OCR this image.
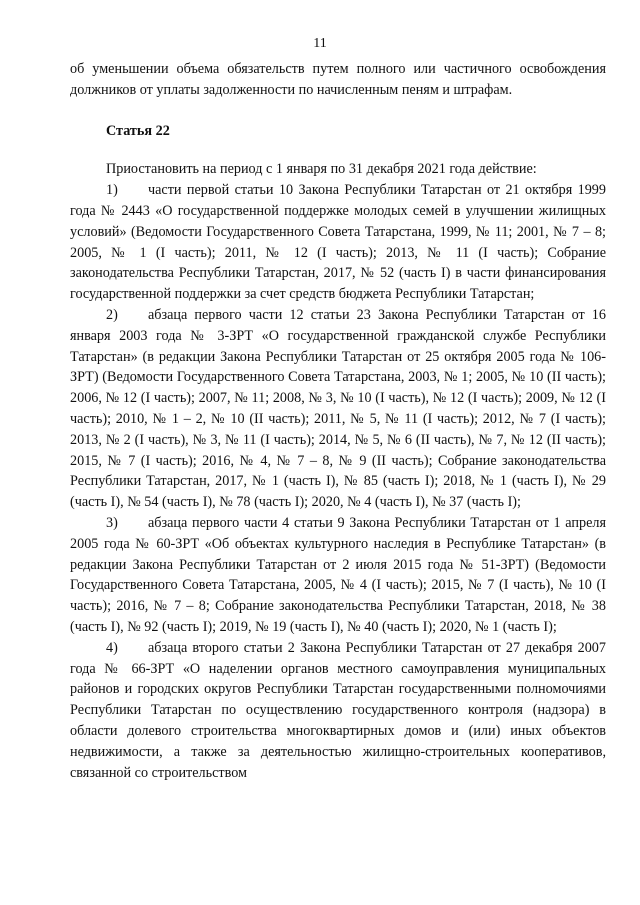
11

об уменьшении объема обязательств путем полного или частичного освобождения должников от уплаты задолженности по начисленным пеням и штрафам.

Статья 22

Приостановить на период с 1 января по 31 декабря 2021 года действие:

1) части первой статьи 10 Закона Республики Татарстан от 21 октября 1999 года № 2443 «О государственной поддержке молодых семей в улучшении жилищных условий» (Ведомости Государственного Совета Татарстана, 1999, № 11; 2001, № 7 – 8; 2005, № 1 (I часть); 2011, № 12 (I часть); 2013, № 11 (I часть); Собрание законодательства Республики Татарстан, 2017, № 52 (часть I) в части финансирования государственной поддержки за счет средств бюджета Республики Татарстан;

2) абзаца первого части 12 статьи 23 Закона Республики Татарстан от 16 января 2003 года № 3-ЗРТ «О государственной гражданской службе Республики Татарстан» (в редакции Закона Республики Татарстан от 25 октября 2005 года № 106-ЗРТ) (Ведомости Государственного Совета Татарстана, 2003, № 1; 2005, № 10 (II часть); 2006, № 12 (I часть); 2007, № 11; 2008, № 3, № 10 (I часть), № 12 (I часть); 2009, № 12 (I часть); 2010, № 1 – 2, № 10 (II часть); 2011, № 5, № 11 (I часть); 2012, № 7 (I часть); 2013, № 2 (I часть), № 3, № 11 (I часть); 2014, № 5, № 6 (II часть), № 7, № 12 (II часть); 2015, № 7 (I часть); 2016, № 4, № 7 – 8, № 9 (II часть); Собрание законодательства Республики Татарстан, 2017, № 1 (часть I), № 85 (часть I); 2018, № 1 (часть I), № 29 (часть I), № 54 (часть I), № 78 (часть I); 2020, № 4 (часть I), № 37 (часть I);

3) абзаца первого части 4 статьи 9 Закона Республики Татарстан от 1 апреля 2005 года № 60-ЗРТ «Об объектах культурного наследия в Республике Татарстан» (в редакции Закона Республики Татарстан от 2 июля 2015 года № 51-ЗРТ) (Ведомости Государственного Совета Татарстана, 2005, № 4 (I часть); 2015, № 7 (I часть), № 10 (I часть); 2016, № 7 – 8; Собрание законодательства Республики Татарстан, 2018, № 38 (часть I), № 92 (часть I); 2019, № 19 (часть I), № 40 (часть I); 2020, № 1 (часть I);

4) абзаца второго статьи 2 Закона Республики Татарстан от 27 декабря 2007 года № 66-ЗРТ «О наделении органов местного самоуправления муниципальных районов и городских округов Республики Татарстан государственными полномочиями Республики Татарстан по осуществлению государственного контроля (надзора) в области долевого строительства многоквартирных домов и (или) иных объектов недвижимости, а также за деятельностью жилищно-строительных кооперативов, связанной со строительством
